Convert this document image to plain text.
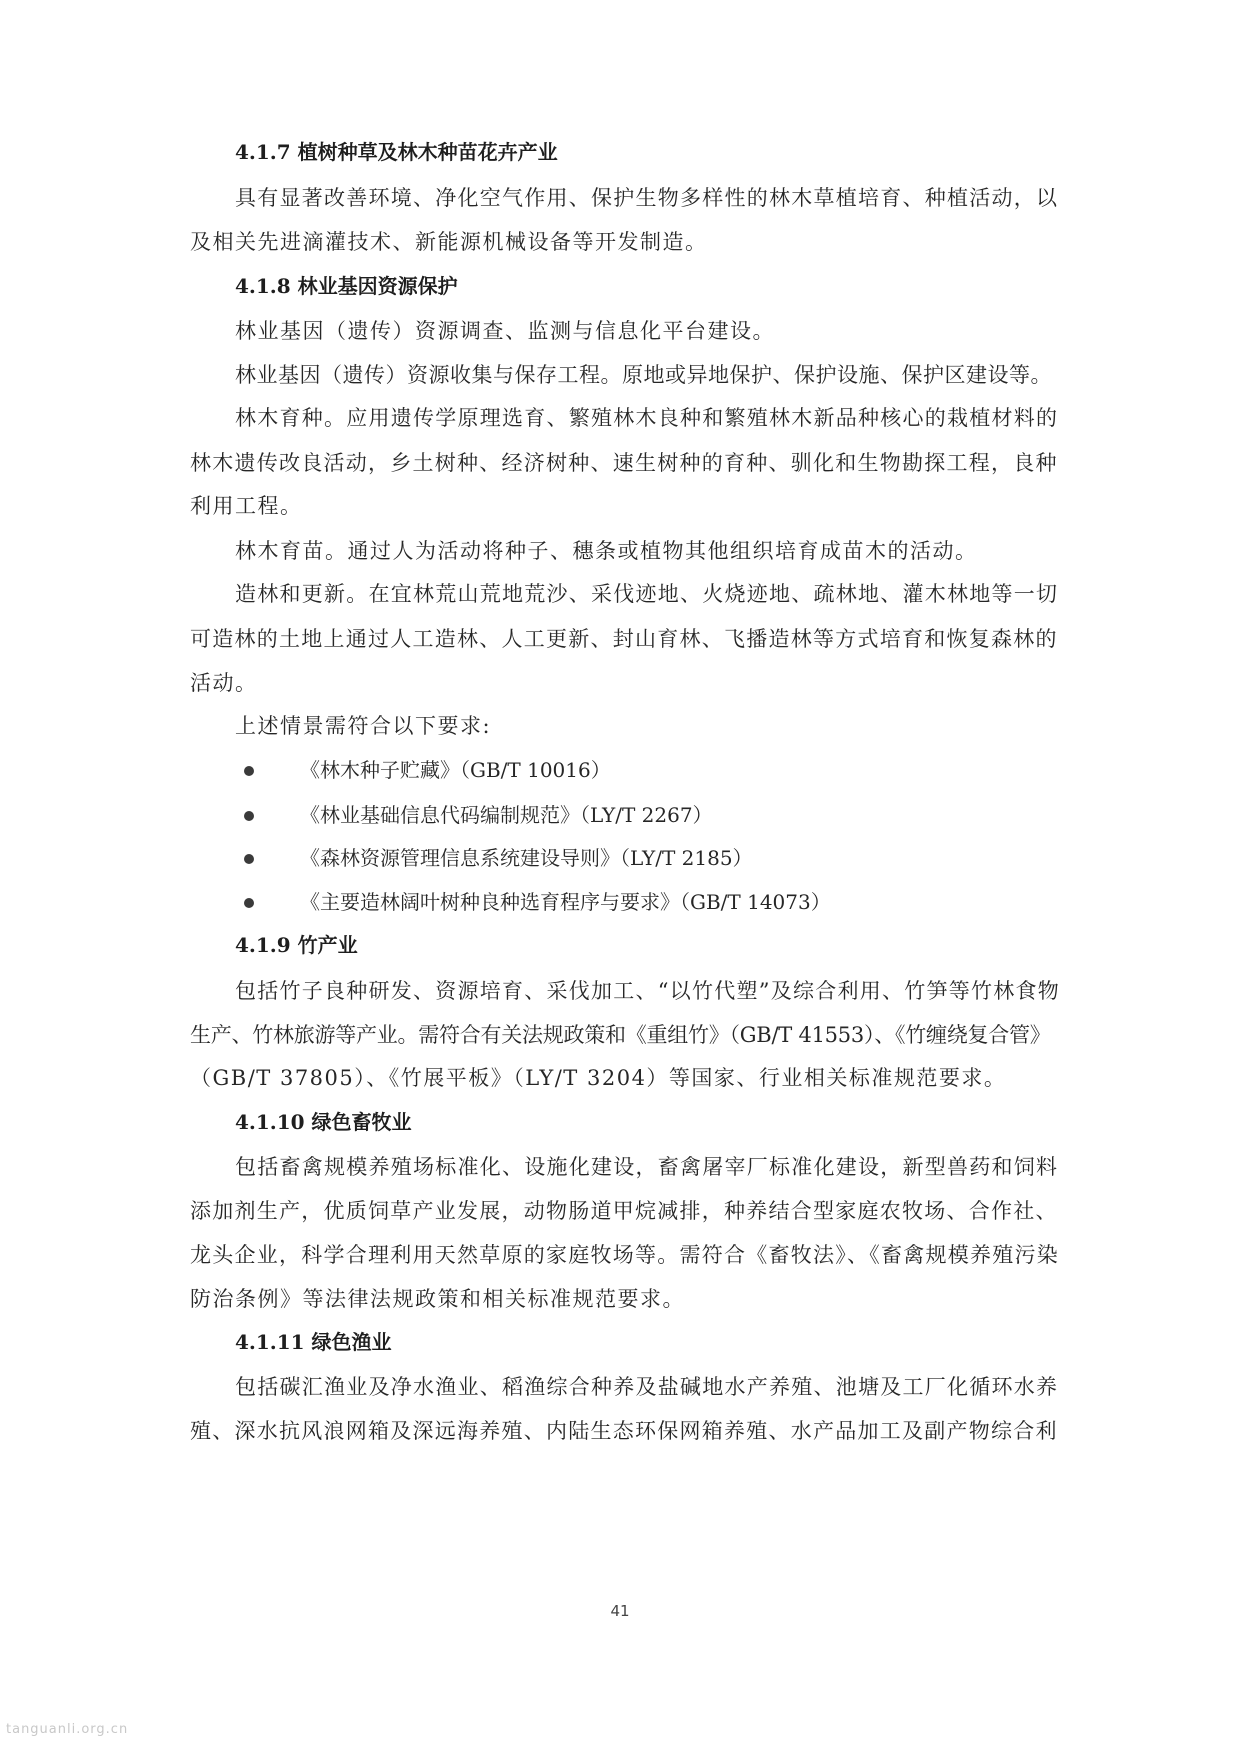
4.1.7 植树种草及林木种苗花卉产业
具有显著改善环境、净化空气作用、保护生物多样性的林木草植培育、种植活动，以
及相关先进滴灌技术、新能源机械设备等开发制造。
4.1.8 林业基因资源保护
林业基因（遗传）资源调查、监测与信息化平台建设。
林业基因（遗传）资源收集与保存工程。原地或异地保护、保护设施、保护区建设等。
林木育种。应用遗传学原理选育、繁殖林木良种和繁殖林木新品种核心的栽植材料的
林木遗传改良活动，乡土树种、经济树种、速生树种的育种、驯化和生物勘探工程，良种
利用工程。
林木育苗。通过人为活动将种子、穗条或植物其他组织培育成苗木的活动。
造林和更新。在宜林荒山荒地荒沙、采伐迹地、火烧迹地、疏林地、灌木林地等一切
可造林的土地上通过人工造林、人工更新、封山育林、飞播造林等方式培育和恢复森林的
活动。
上述情景需符合以下要求:
《林木种子贮藏》（GB/T 10016）
《林业基础信息代码编制规范》（LY/T 2267）
《森林资源管理信息系统建设导则》（LY/T 2185）
《主要造林阔叶树种良种选育程序与要求》（GB/T 14073）
4.1.9 竹产业
包括竹子良种研发、资源培育、采伐加工、“以竹代塑”及综合利用、竹笋等竹林食物
生产、竹林旅游等产业。需符合有关法规政策和《重组竹》（GB/T 41553）、《竹缠绕复合管》
（GB/T 37805）、《竹展平板》（LY/T 3204）等国家、行业相关标准规范要求。
4.1.10 绿色畜牧业
包括畜禽规模养殖场标准化、设施化建设，畜禽屠宰厂标准化建设，新型兽药和饲料
添加剂生产，优质饲草产业发展，动物肠道甲烷减排，种养结合型家庭农牧场、合作社、
龙头企业，科学合理利用天然草原的家庭牧场等。需符合《畜牧法》、《畜禽规模养殖污染
防治条例》等法律法规政策和相关标准规范要求。
4.1.11 绿色渔业
包括碳汇渔业及净水渔业、稻渔综合种养及盐碱地水产养殖、池塘及工厂化循环水养
殖、深水抗风浪网箱及深远海养殖、内陆生态环保网箱养殖、水产品加工及副产物综合利
41
tanguanli.org.cn
